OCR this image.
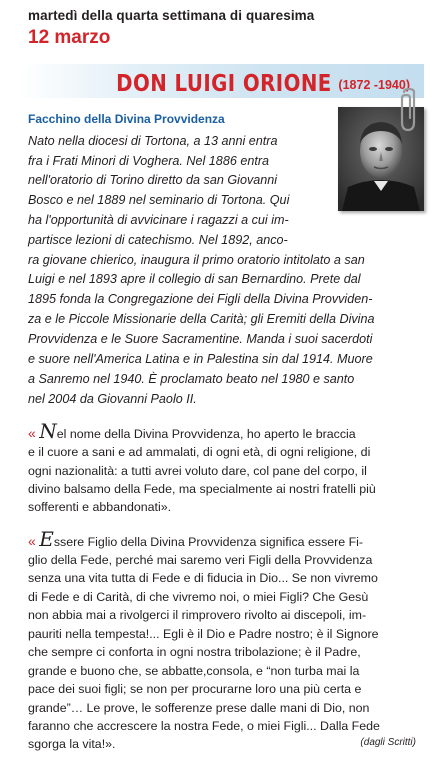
martedì della quarta settimana di quaresima
12 marzo
DON LUIGI ORIONE (1872 -1940)
Facchino della Divina Provvidenza
Nato nella diocesi di Tortona, a 13 anni entra
fra i Frati Minori di Voghera. Nel 1886 entra
nell'oratorio di Torino diretto da san Giovanni
Bosco e nel 1889 nel seminario di Tortona. Qui
ha l'opportunità di avvicinare i ragazzi a cui im-
partisce lezioni di catechismo. Nel 1892, anco-
ra giovane chierico, inaugura il primo oratorio intitolato a san
Luigi e nel 1893 apre il collegio di san Bernardino. Prete dal
1895 fonda la Congregazione dei Figli della Divina Provviden-
za e le Piccole Missionarie della Carità; gli Eremiti della Divina
Provvidenza e le Suore Sacramentine. Manda i suoi sacerdoti
e suore nell'America Latina e in Palestina sin dal 1914. Muore
a Sanremo nel 1940. È proclamato beato nel 1980 e santo
nel 2004 da Giovanni Paolo II.
« Nel nome della Divina Provvidenza, ho aperto le braccia
e il cuore a sani e ad ammalati, di ogni età, di ogni religione, di
ogni nazionalità: a tutti avrei voluto dare, col pane del corpo, il
divino balsamo della Fede, ma specialmente ai nostri fratelli più
sofferenti e abbandonati».
« Essere Figlio della Divina Provvidenza significa essere Fi-
glio della Fede, perché mai saremo veri Figli della Provvidenza
senza una vita tutta di Fede e di fiducia in Dio... Se non vivremo
di Fede e di Carità, di che vivremo noi, o miei Figli? Che Gesù
non abbia mai a rivolgerci il rimprovero rivolto ai discepoli, im-
pauriti nella tempesta!... Egli è il Dio e Padre nostro; è il Signore
che sempre ci conforta in ogni nostra tribolazione; è il Padre,
grande e buono che, se abbatte,consola, e “non turba mai la
pace dei suoi figli; se non per procurarne loro una più certa e
grande”… Le prove, le sofferenze prese dalle mani di Dio, non
faranno che accrescere la nostra Fede, o miei Figli... Dalla Fede
sgorga la vita!».	(dagli Scritti)
